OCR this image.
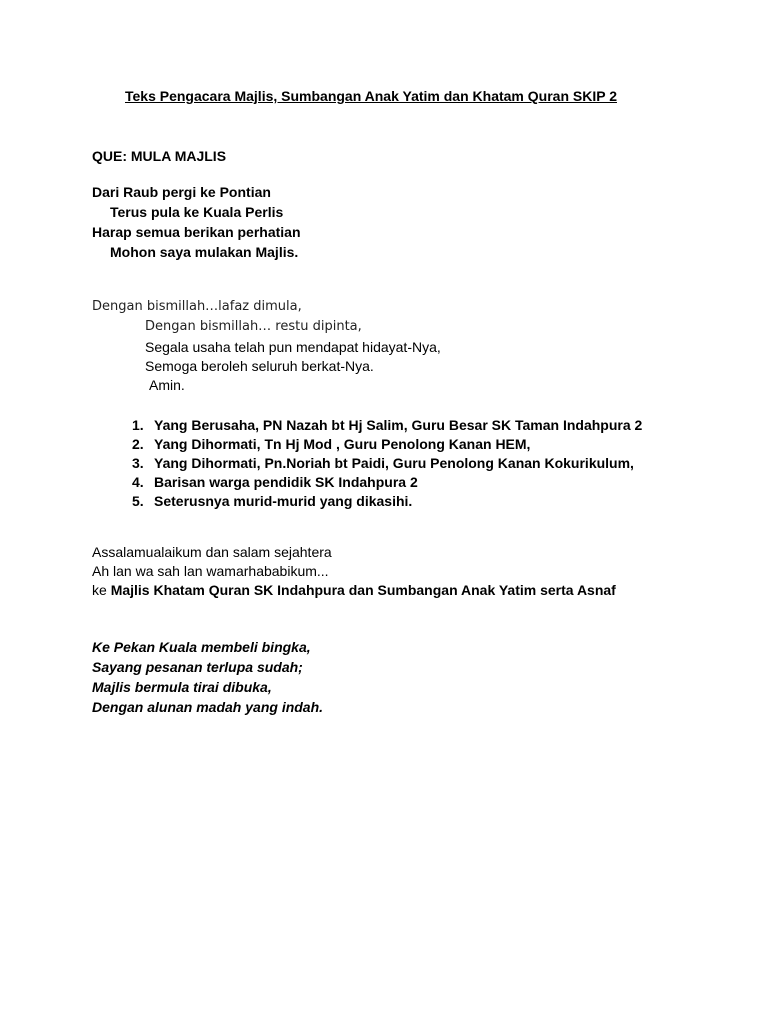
Teks Pengacara Majlis, Sumbangan Anak Yatim dan Khatam Quran SKIP 2
QUE: MULA MAJLIS
Dari Raub pergi ke Pontian
Terus pula ke Kuala Perlis
Harap semua berikan perhatian
Mohon saya mulakan Majlis.
Dengan bismillah…lafaz dimula,
Dengan bismillah… restu dipinta,
Segala usaha telah pun mendapat hidayat-Nya,
Semoga beroleh seluruh berkat-Nya.
Amin.
1. Yang Berusaha, PN Nazah bt Hj Salim, Guru Besar SK Taman Indahpura 2
2. Yang Dihormati, Tn Hj Mod , Guru Penolong Kanan HEM,
3. Yang Dihormati, Pn.Noriah bt Paidi, Guru Penolong Kanan Kokurikulum,
4. Barisan warga pendidik SK Indahpura 2
5. Seterusnya murid-murid yang dikasihi.
Assalamualaikum dan salam sejahtera
Ah lan wa sah lan wamarhababikum...
ke Majlis Khatam Quran SK Indahpura dan Sumbangan Anak Yatim serta Asnaf
Ke Pekan Kuala membeli bingka,
Sayang pesanan terlupa sudah;
Majlis bermula tirai dibuka,
Dengan alunan madah yang indah.
